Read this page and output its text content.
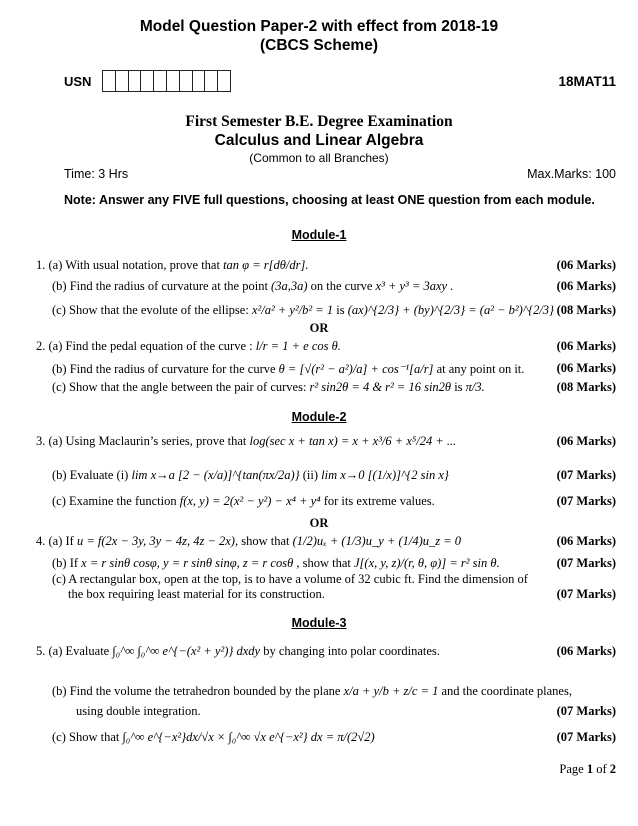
Model Question Paper-2 with effect from 2018-19
(CBCS Scheme)
USN	18MAT11
First Semester B.E. Degree Examination
Calculus and Linear Algebra
(Common to all Branches)
Time: 3 Hrs	Max.Marks: 100
Note: Answer any FIVE full questions, choosing at least ONE question from each module.
Module-1
1. (a) With usual notation, prove that tan φ = r[dθ/dr].	(06 Marks)
(b) Find the radius of curvature at the point (3a,3a) on the curve x³ + y³ = 3axy .	(06 Marks)
(c) Show that the evolute of the ellipse: x²/a² + y²/b² = 1 is (ax)^{2/3} + (by)^{2/3} = (a² − b²)^{2/3} (08 Marks)
OR
2. (a) Find the pedal equation of the curve : l/r = 1 + e cos θ.	(06 Marks)
(b) Find the radius of curvature for the curve θ = [√(r² − a²)/a] + cos⁻¹[a/r] at any point on it.	(06 Marks)
(c) Show that the angle between the pair of curves: r² sin2θ = 4 & r² = 16 sin2θ is π/3.	(08 Marks)
Module-2
3. (a) Using Maclaurin’s series, prove that log(sec x + tan x) = x + x³/6 + x⁵/24 + ...	(06 Marks)
(b) Evaluate (i) lim x→a [2 − (x/a)]^{tan(πx/2a)} (ii) lim x→0 [(1/x)]^{2 sin x}	(07 Marks)
(c) Examine the function f(x, y) = 2(x² − y²) − x⁴ + y⁴ for its extreme values.	(07 Marks)
OR
4. (a) If u = f(2x − 3y, 3y − 4z, 4z − 2x), show that (1/2)uₓ + (1/3)u_y + (1/4)u_z = 0	(06 Marks)
(b) If x = r sinθ cosφ, y = r sinθ sinφ, z = r cosθ , show that J[(x, y, z)/(r, θ, φ)] = r² sin θ.	(07 Marks)
(c) A rectangular box, open at the top, is to have a volume of 32 cubic ft. Find the dimension of
the box requiring least material for its construction.	(07 Marks)
Module-3
5. (a) Evaluate ∫₀^∞ ∫₀^∞ e^{−(x² + y²)} dxdy by changing into polar coordinates.	(06 Marks)
(b) Find the volume the tetrahedron bounded by the plane x/a + y/b + z/c = 1 and the coordinate planes,
using double integration.	(07 Marks)
(c) Show that ∫₀^∞ e^{−x²}dx/√x × ∫₀^∞ √x e^{−x²} dx = π/(2√2)	(07 Marks)
Page 1 of 2
